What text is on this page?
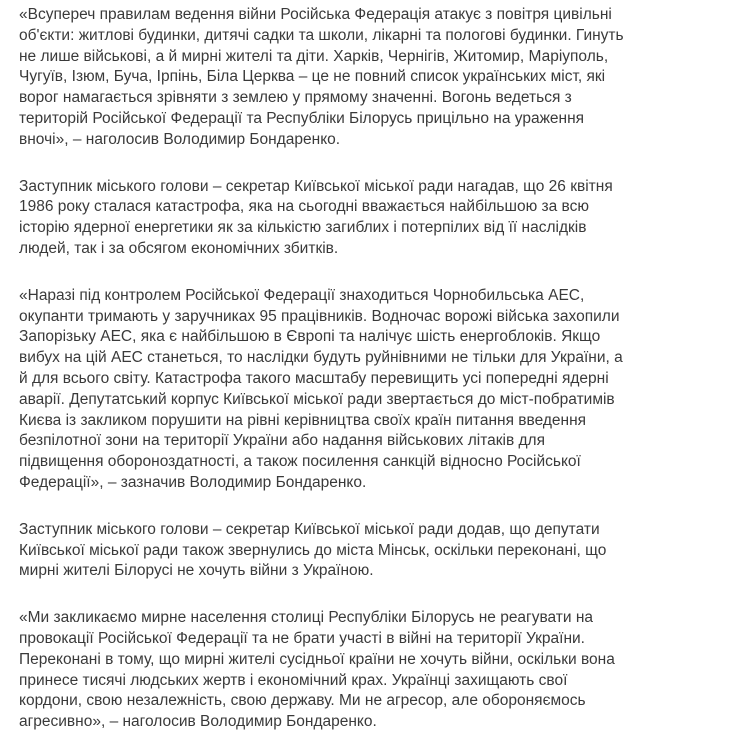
«Всупереч правилам ведення війни Російська Федерація атакує з повітря цивільні
об'єкти: житлові будинки, дитячі садки та школи, лікарні та пологові будинки. Гинуть
не лише військові, а й мирні жителі та діти. Харків, Чернігів, Житомир, Маріуполь,
Чугуїв, Ізюм, Буча, Ірпінь, Біла Церква – це не повний список українських міст, які
ворог намагається зрівняти з землею у прямому значенні. Вогонь ведеться з
територій Російської Федерації та Республіки Білорусь прицільно на ураження
вночі», – наголосив Володимир Бондаренко.

Заступник міського голови – секретар Київської міської ради нагадав, що 26 квітня
1986 року сталася катастрофа, яка на сьогодні вважається найбільшою за всю
історію ядерної енергетики як за кількістю загиблих і потерпілих від її наслідків
людей, так і за обсягом економічних збитків.

«Наразі під контролем Російської Федерації знаходиться Чорнобильська АЕС,
окупанти тримають у заручниках 95 працівників. Водночас ворожі війська захопили
Запорізьку АЕС, яка є найбільшою в Європі та налічує шість енергоблоків. Якщо
вибух на цій АЕС станеться, то наслідки будуть руйнівними не тільки для України, а
й для всього світу. Катастрофа такого масштабу перевищить усі попередні ядерні
аварії. Депутатський корпус Київської міської ради звертається до міст-побратимів
Києва із закликом порушити на рівні керівництва своїх країн питання введення
безпілотної зони на території України або надання військових літаків для
підвищення обороноздатності, а також посилення санкцій відносно Російської
Федерації», – зазначив Володимир Бондаренко.

Заступник міського голови – секретар Київської міської ради додав, що депутати
Київської міської ради також звернулись до міста Мінськ, оскільки переконані, що
мирні жителі Білорусі не хочуть війни з Україною.

«Ми закликаємо мирне населення столиці Республіки Білорусь не реагувати на
провокації Російської Федерації та не брати участі в війні на території України.
Переконані в тому, що мирні жителі сусідньої країни не хочуть війни, оскільки вона
принесе тисячі людських жертв і економічний крах. Українці захищають свої
кордони, свою незалежність, свою державу. Ми не агресор, але обороняємось
агресивно», – наголосив Володимир Бондаренко.
